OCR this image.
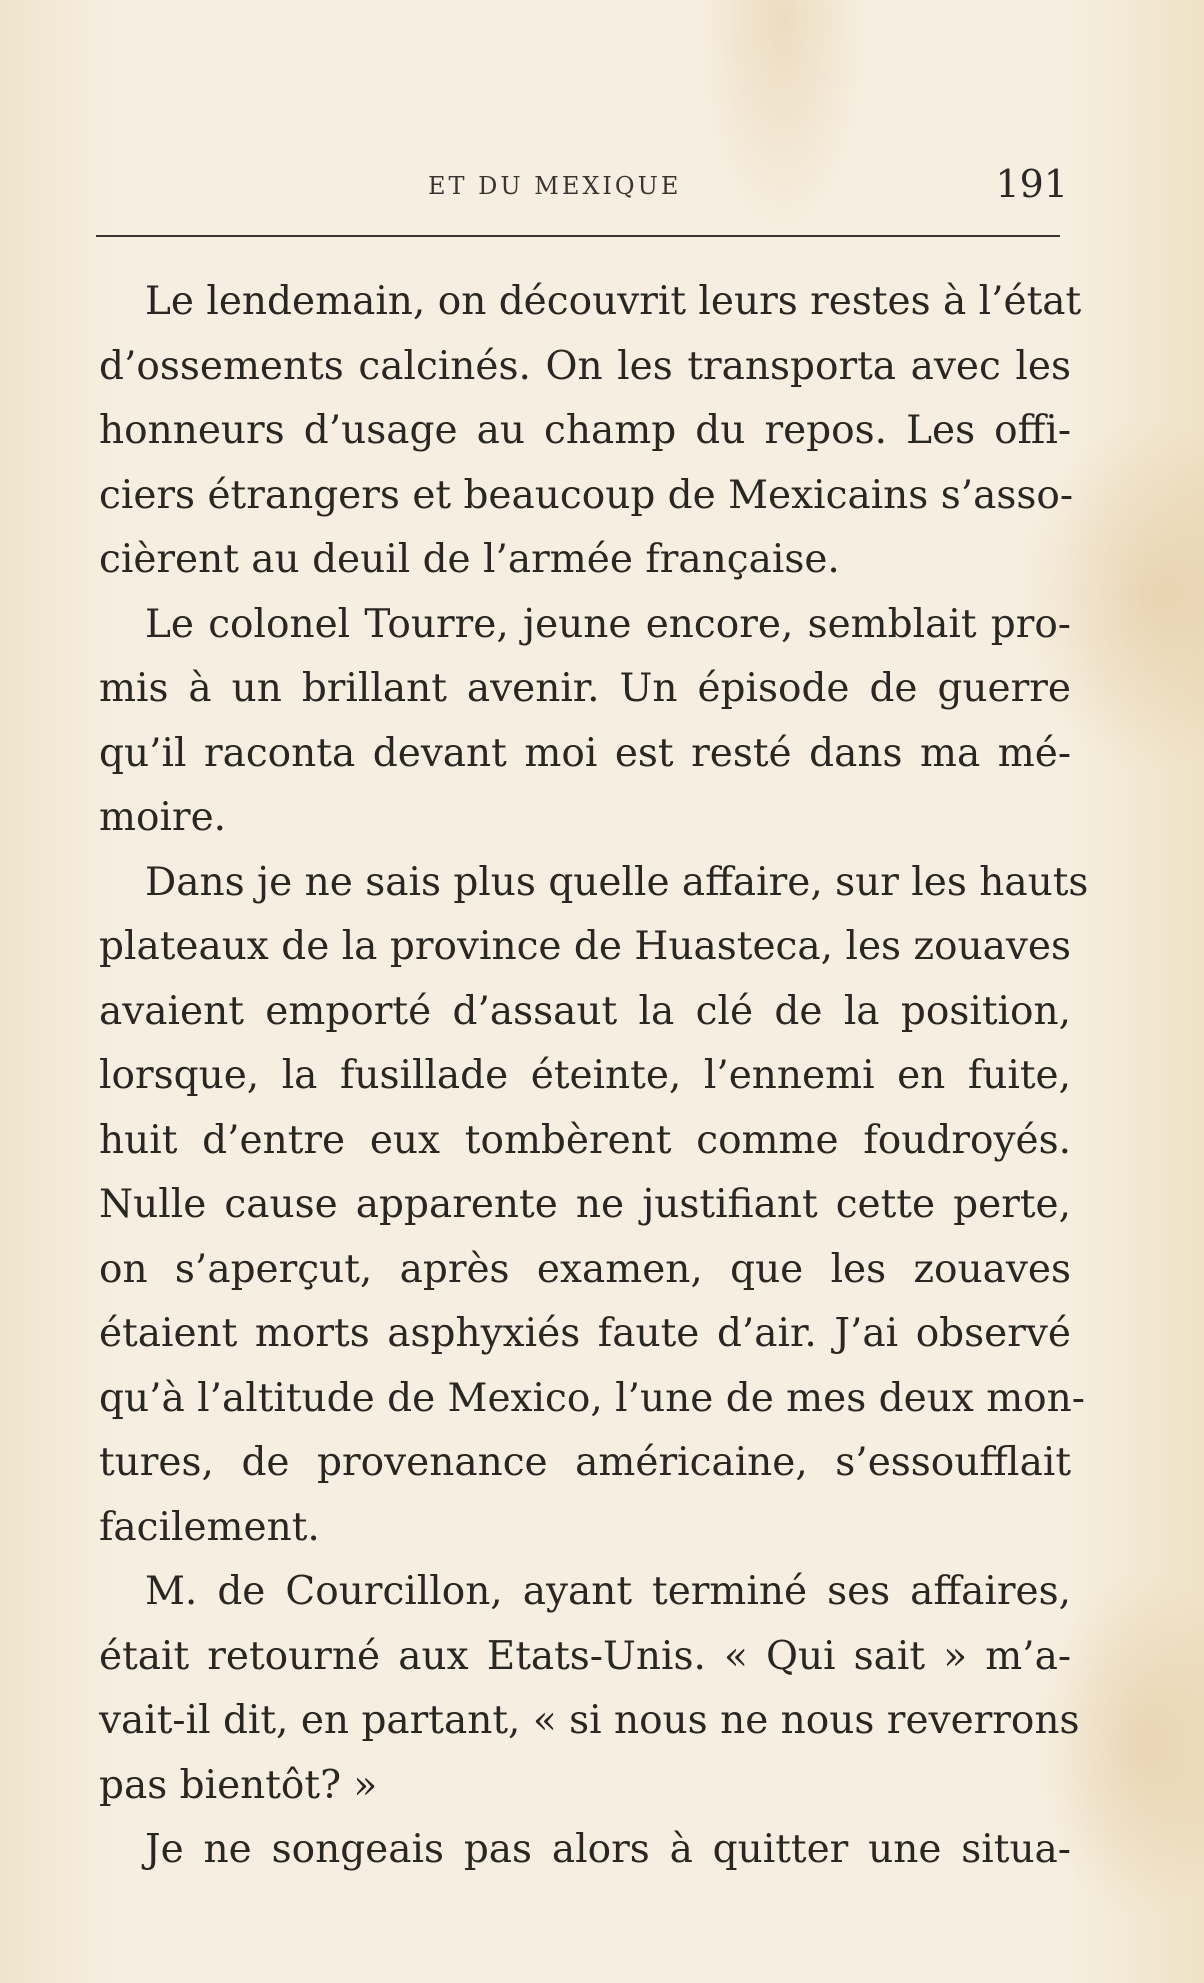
ET DU MEXIQUE	191
Le lendemain, on découvrit leurs restes à l’état
d’ossements calcinés. On les transporta avec les
honneurs d’usage au champ du repos. Les offi-
ciers étrangers et beaucoup de Mexicains s’asso-
cièrent au deuil de l’armée française.
Le colonel Tourre, jeune encore, semblait pro-
mis à un brillant avenir. Un épisode de guerre
qu’il raconta devant moi est resté dans ma mé-
moire.
Dans je ne sais plus quelle affaire, sur les hauts
plateaux de la province de Huasteca, les zouaves
avaient emporté d’assaut la clé de la position,
lorsque, la fusillade éteinte, l’ennemi en fuite,
huit d’entre eux tombèrent comme foudroyés.
Nulle cause apparente ne justifiant cette perte,
on s’aperçut, après examen, que les zouaves
étaient morts asphyxiés faute d’air. J’ai observé
qu’à l’altitude de Mexico, l’une de mes deux mon-
tures, de provenance américaine, s’essoufflait
facilement.
M. de Courcillon, ayant terminé ses affaires,
était retourné aux Etats-Unis. « Qui sait » m’a-
vait-il dit, en partant, « si nous ne nous reverrons
pas bientôt? »
Je ne songeais pas alors à quitter une situa-
